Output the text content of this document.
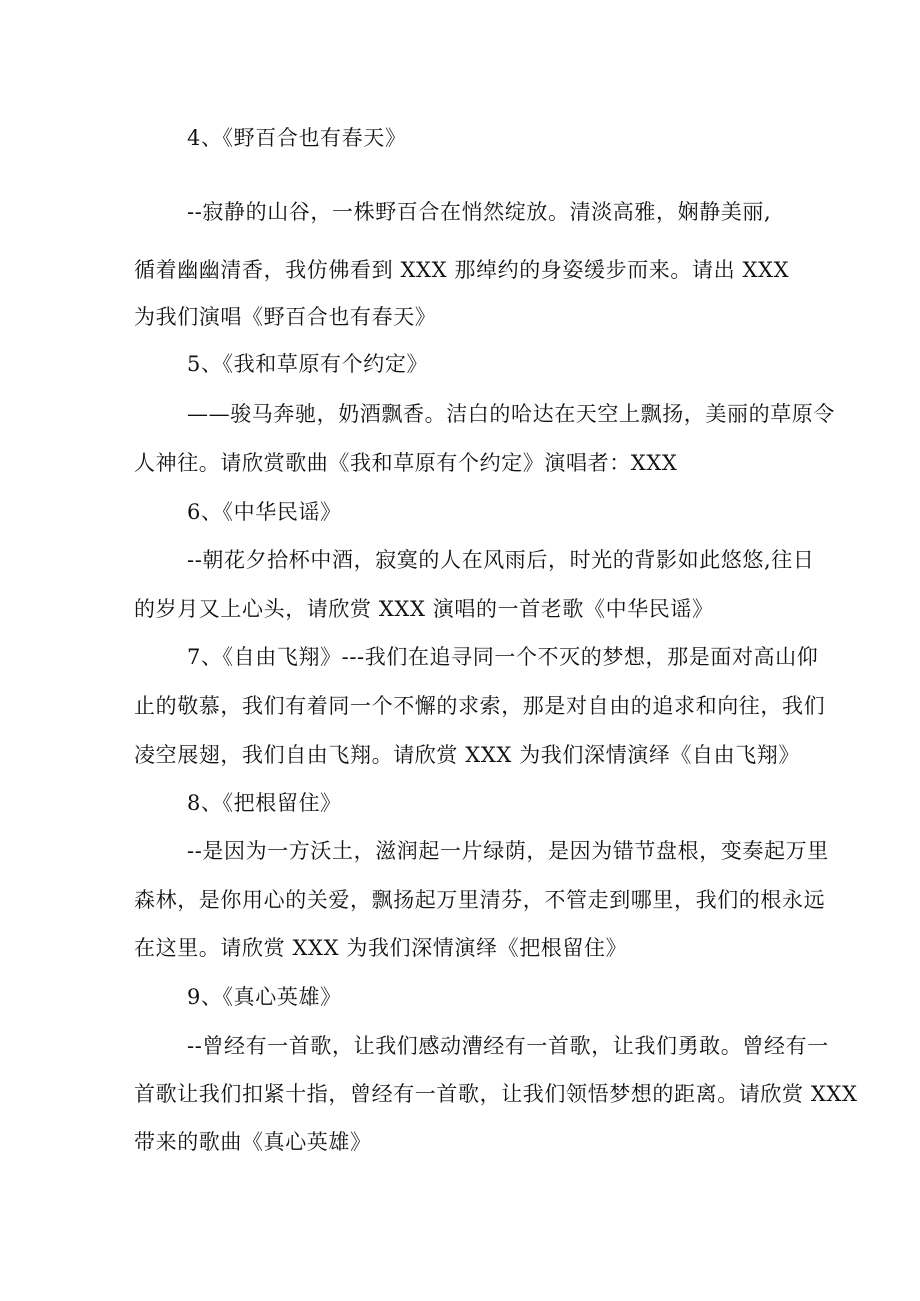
4、《野百合也有春天》

--寂静的山谷，一株野百合在悄然绽放。清淡高雅，娴静美丽,

循着幽幽清香，我仿佛看到 XXX 那绰约的身姿缓步而来。请出 XXX

为我们演唱《野百合也有春天》

5、《我和草原有个约定》

——骏马奔驰，奶酒飘香。洁白的哈达在天空上飘扬，美丽的草原令

人神往。请欣赏歌曲《我和草原有个约定》演唱者：XXX

6、《中华民谣》

--朝花夕拾杯中酒，寂寞的人在风雨后，时光的背影如此悠悠,往日

的岁月又上心头，请欣赏 XXX 演唱的一首老歌《中华民谣》

7、《自由飞翔》---我们在追寻同一个不灭的梦想，那是面对高山仰

止的敬慕，我们有着同一个不懈的求索，那是对自由的追求和向往，我们

凌空展翅，我们自由飞翔。请欣赏 XXX 为我们深情演绎《自由飞翔》

8、《把根留住》

--是因为一方沃土，滋润起一片绿荫，是因为错节盘根，变奏起万里

森林，是你用心的关爱，飘扬起万里清芬，不管走到哪里，我们的根永远

在这里。请欣赏 XXX 为我们深情演绎《把根留住》

9、《真心英雄》

--曾经有一首歌，让我们感动漕经有一首歌，让我们勇敢。曾经有一

首歌让我们扣紧十指，曾经有一首歌，让我们领悟梦想的距离。请欣赏 XXX

带来的歌曲《真心英雄》
